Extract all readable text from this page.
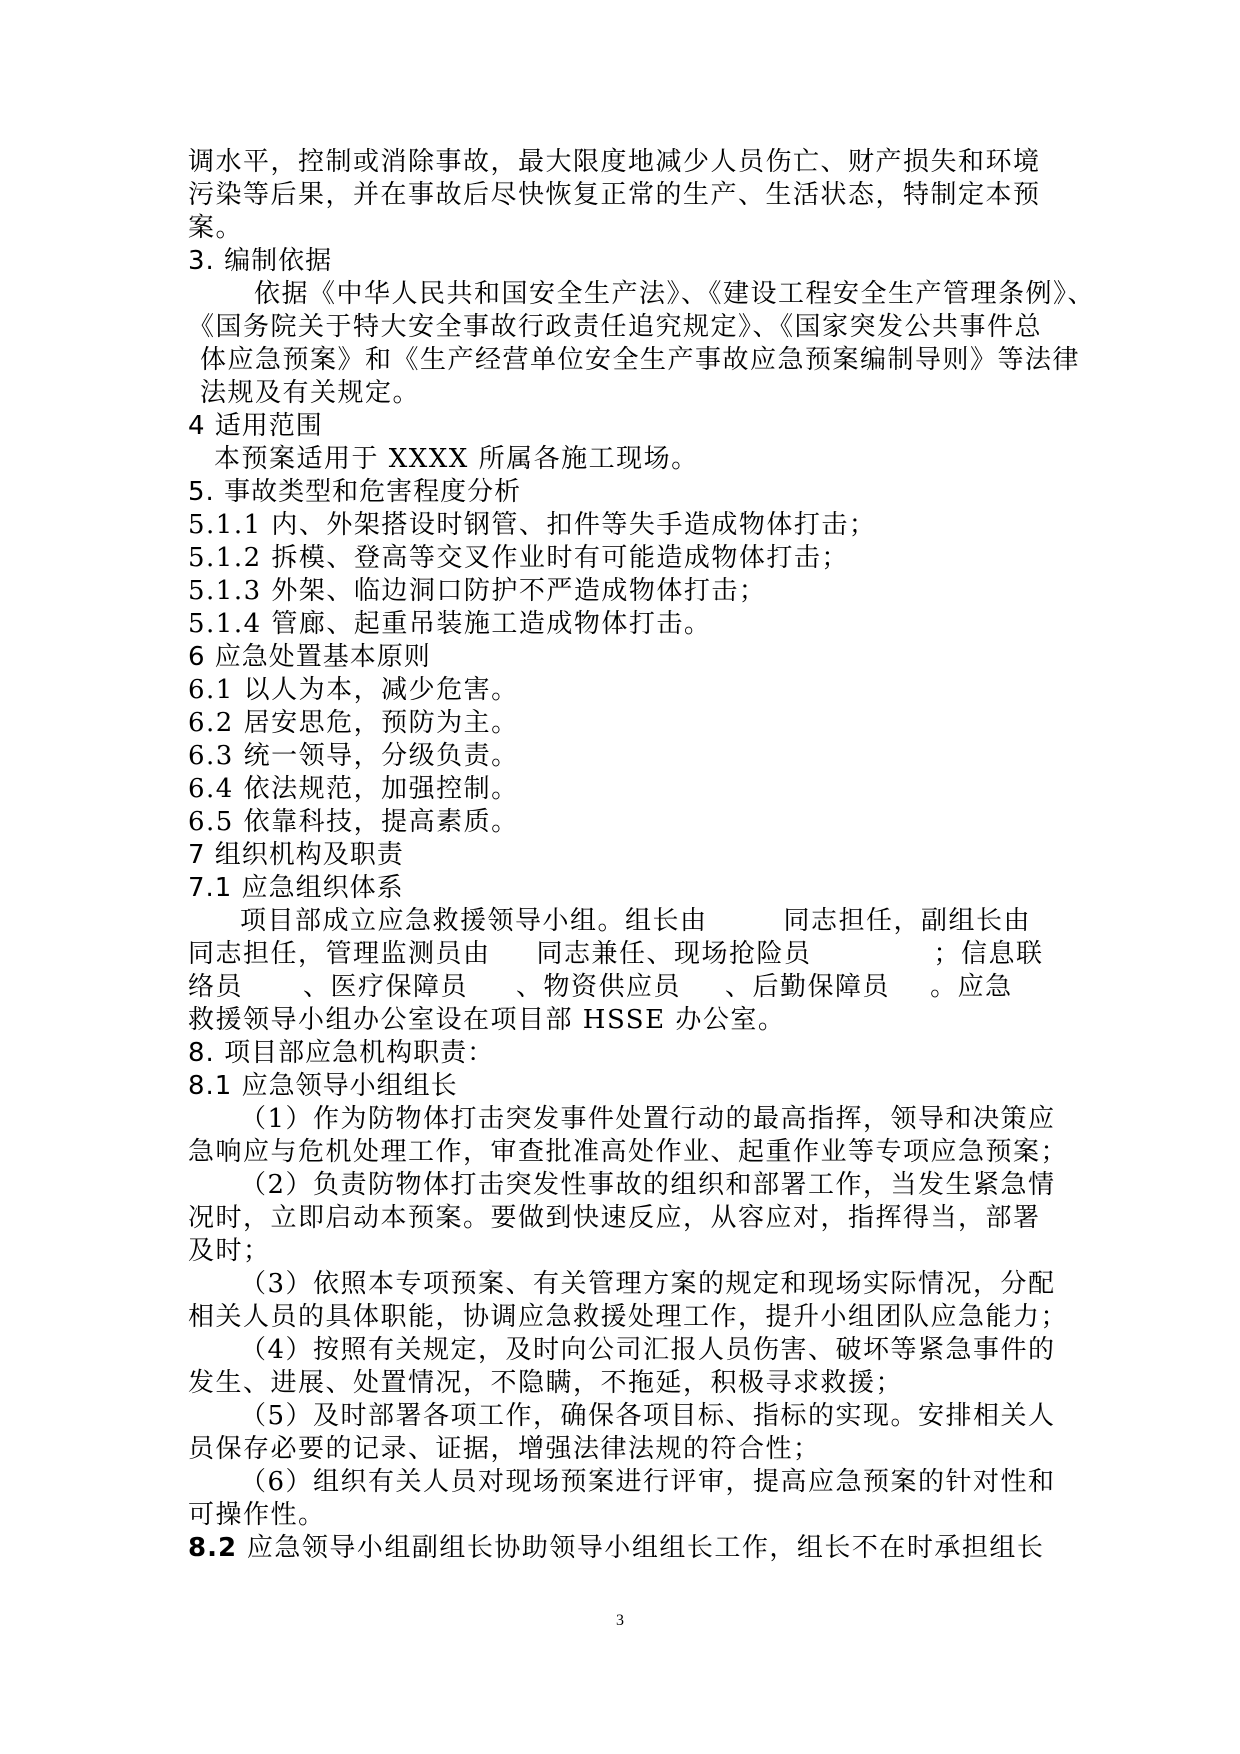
调水平，控制或消除事故，最大限度地减少人员伤亡、财产损失和环境
污染等后果，并在事故后尽快恢复正常的生产、生活状态，特制定本预
案。
3. 编制依据
依据《中华人民共和国安全生产法》、《建设工程安全生产管理条例》、
《国务院关于特大安全事故行政责任追究规定》、《国家突发公共事件总
体应急预案》和《生产经营单位安全生产事故应急预案编制导则》等法律
法规及有关规定。
4 适用范围
本预案适用于 XXXX 所属各施工现场。
5. 事故类型和危害程度分析
5.1.1 内、外架搭设时钢管、扣件等失手造成物体打击；
5.1.2 拆模、登高等交叉作业时有可能造成物体打击；
5.1.3 外架、临边洞口防护不严造成物体打击；
5.1.4 管廊、起重吊装施工造成物体打击。
6 应急处置基本原则
6.1 以人为本，减少危害。
6.2 居安思危，预防为主。
6.3 统一领导，分级负责。
6.4 依法规范，加强控制。
6.5 依靠科技，提高素质。
7 组织机构及职责
7.1 应急组织体系
项目部成立应急救援领导小组。组长由	同志担任，副组长由
同志担任，管理监测员由 同志兼任、现场抢险员	；信息联
络员 、医疗保障员 、物资供应员 、后勤保障员 。应急
救援领导小组办公室设在项目部 HSSE 办公室。
8. 项目部应急机构职责：
8.1 应急领导小组组长
（1）作为防物体打击突发事件处置行动的最高指挥，领导和决策应
急响应与危机处理工作，审查批准高处作业、起重作业等专项应急预案；
（2）负责防物体打击突发性事故的组织和部署工作，当发生紧急情
况时，立即启动本预案。要做到快速反应，从容应对，指挥得当，部署
及时；
（3）依照本专项预案、有关管理方案的规定和现场实际情况，分配
相关人员的具体职能，协调应急救援处理工作，提升小组团队应急能力；
（4）按照有关规定，及时向公司汇报人员伤害、破坏等紧急事件的
发生、进展、处置情况，不隐瞒，不拖延，积极寻求救援；
（5）及时部署各项工作，确保各项目标、指标的实现。安排相关人
员保存必要的记录、证据，增强法律法规的符合性；
（6）组织有关人员对现场预案进行评审，提高应急预案的针对性和
可操作性。
8.2 应急领导小组副组长协助领导小组组长工作，组长不在时承担组长
3
